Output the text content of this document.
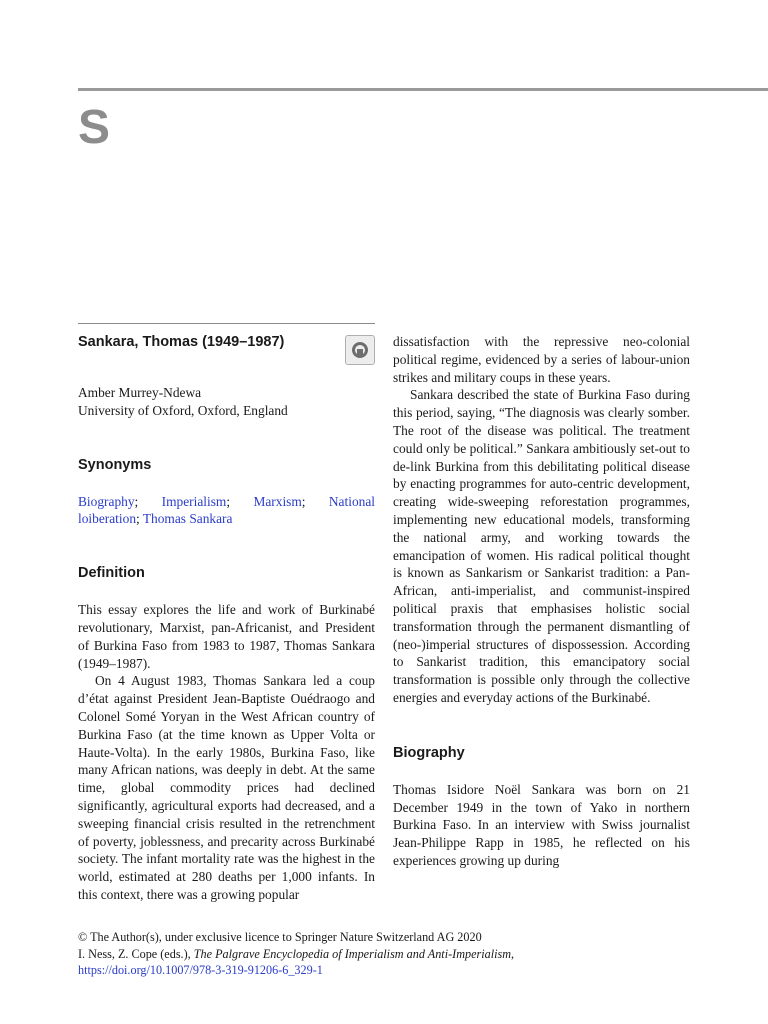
S
Sankara, Thomas (1949–1987)
Amber Murrey-Ndewa
University of Oxford, Oxford, England
Synonyms
Biography; Imperialism; Marxism; National loiberation; Thomas Sankara
Definition

This essay explores the life and work of Burkinabé revolutionary, Marxist, pan-Africanist, and President of Burkina Faso from 1983 to 1987, Thomas Sankara (1949–1987).

On 4 August 1983, Thomas Sankara led a coup d’état against President Jean-Baptiste Ouédraogo and Colonel Somé Yoryan in the West African country of Burkina Faso (at the time known as Upper Volta or Haute-Volta). In the early 1980s, Burkina Faso, like many African nations, was deeply in debt. At the same time, global commodity prices had declined significantly, agricultural exports had decreased, and a sweeping financial crisis resulted in the retrenchment of poverty, joblessness, and precarity across Burkinabé society. The infant mortality rate was the highest in the world, estimated at 280 deaths per 1,000 infants. In this context, there was a growing popular

dissatisfaction with the repressive neo-colonial political regime, evidenced by a series of labour-union strikes and military coups in these years.

Sankara described the state of Burkina Faso during this period, saying, “The diagnosis was clearly somber. The root of the disease was political. The treatment could only be political.” Sankara ambitiously set-out to de-link Burkina from this debilitating political disease by enacting programmes for auto-centric development, creating wide-sweeping reforestation programmes, implementing new educational models, transforming the national army, and working towards the emancipation of women. His radical political thought is known as Sankarism or Sankarist tradition: a Pan-African, anti-imperialist, and communist-inspired political praxis that emphasises holistic social transformation through the permanent dismantling of (neo-)imperial structures of dispossession. According to Sankarist tradition, this emancipatory social transformation is possible only through the collective energies and everyday actions of the Burkinabé.

Biography

Thomas Isidore Noël Sankara was born on 21 December 1949 in the town of Yako in northern Burkina Faso. In an interview with Swiss journalist Jean-Philippe Rapp in 1985, he reflected on his experiences growing up during

© The Author(s), under exclusive licence to Springer Nature Switzerland AG 2020
I. Ness, Z. Cope (eds.), The Palgrave Encyclopedia of Imperialism and Anti-Imperialism,
https://doi.org/10.1007/978-3-319-91206-6_329-1
